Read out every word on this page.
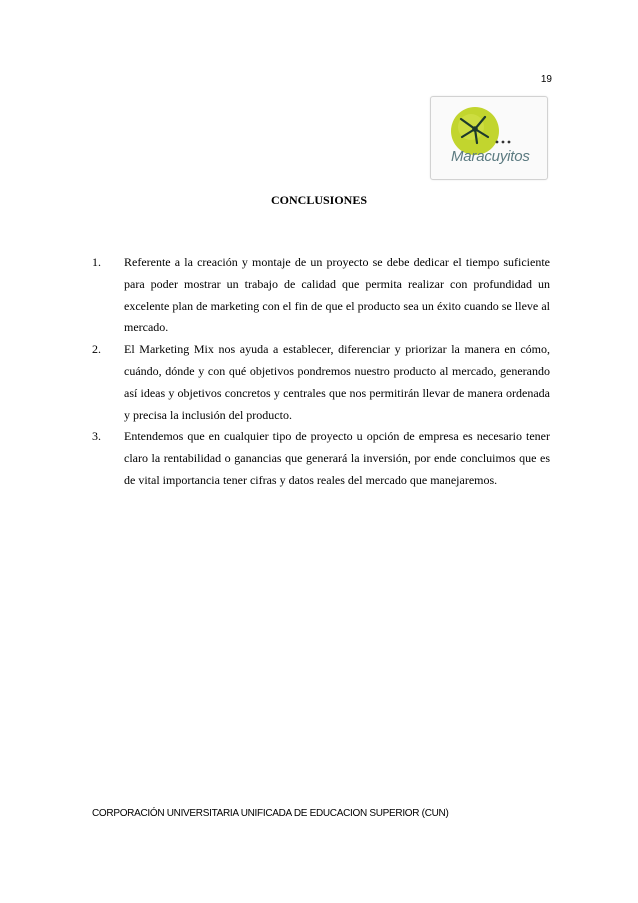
19
Maracuyitos
CONCLUSIONES
1. Referente a la creación y montaje de un proyecto se debe dedicar el tiempo suficiente para poder mostrar un trabajo de calidad que permita realizar con profundidad un excelente plan de marketing con el fin de que el producto sea un éxito cuando se lleve al mercado.
2. El Marketing Mix nos ayuda a establecer, diferenciar y priorizar la manera en cómo, cuándo, dónde y con qué objetivos pondremos nuestro producto al mercado, generando así ideas y objetivos concretos y centrales que nos permitirán llevar de manera ordenada y precisa la inclusión del producto.
3. Entendemos que en cualquier tipo de proyecto u opción de empresa es necesario tener claro la rentabilidad o ganancias que generará la inversión, por ende concluimos que es de vital importancia tener cifras y datos reales del mercado que manejaremos.
CORPORACIÓN UNIVERSITARIA UNIFICADA DE EDUCACION SUPERIOR (CUN)
